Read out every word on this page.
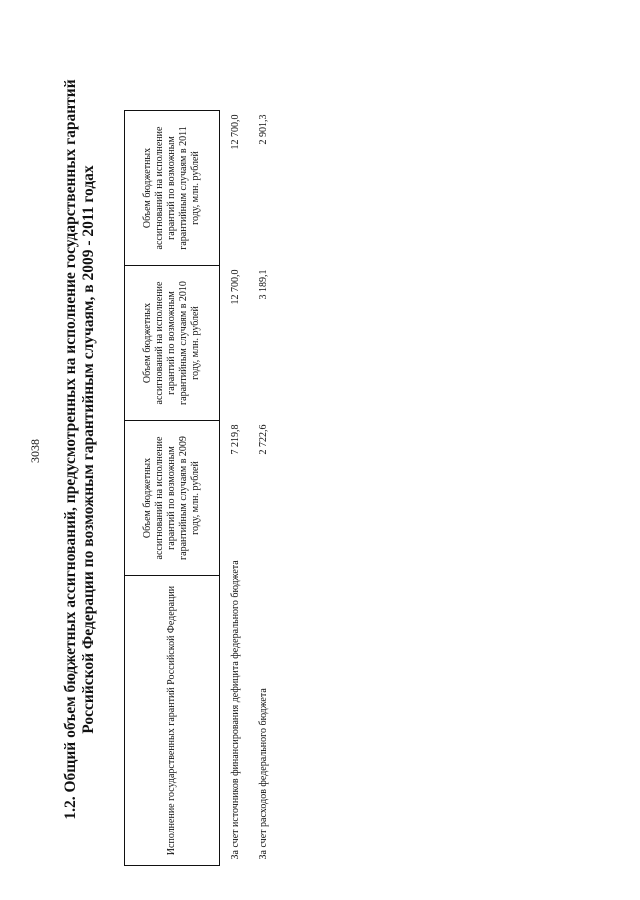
3038 1.2. Общий объем бюджетных ассигнований, предусмотренных на исполнение государственных гарантий Российской Федерации по возможным гарантийным случаям, в 2009 - 2011 годах	Исполнение государственных гарантий Российской Федерации	Объем бюджетных ассигнований на исполнение гарантий по возможным гарантийным случаям в 2009 году, млн. рублей	Объем бюджетных ассигнований на исполнение гарантий по возможным гарантийным случаям в 2010 году, млн. рублей	Объем бюджетных ассигнований на исполнение гарантий по возможным гарантийным случаям в 2011 году, млн. рублей
За счет источников финансирования дефицита федерального бюджета	7 219,8	12 700,0	12 700,0
За счет расходов федерального бюджета	2 722,6	3 189,1	2 901,3
